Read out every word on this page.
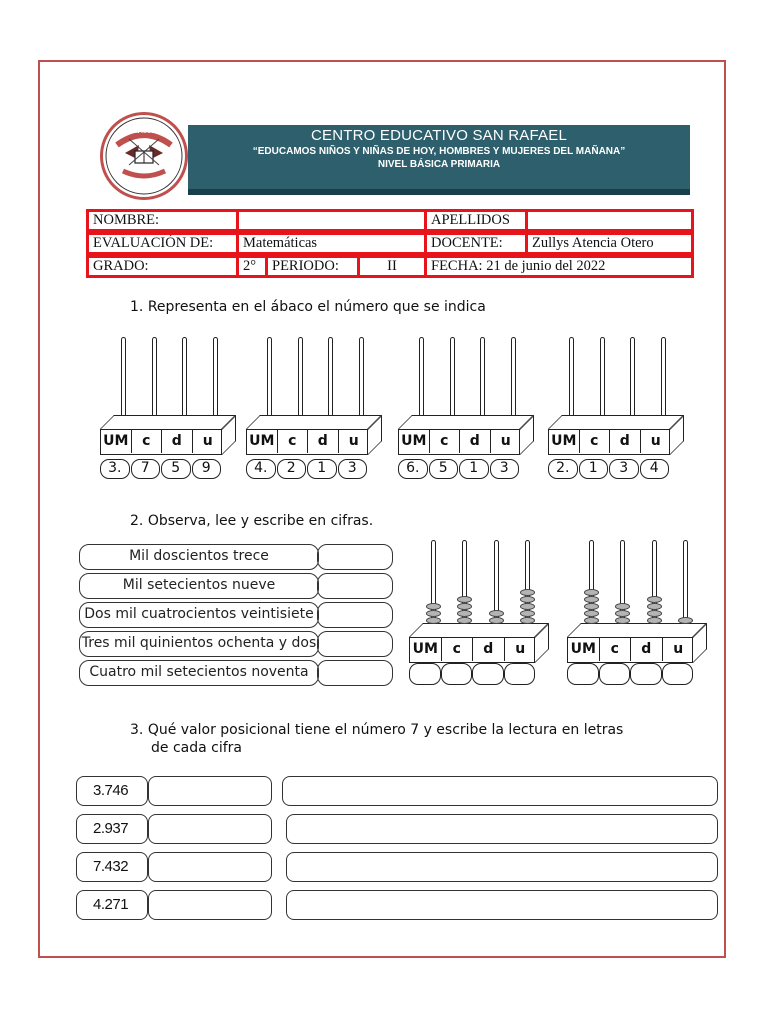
SAN RAFAEL	CENTRO EDUCATIVO SAN RAFAEL
“EDUCAMOS NIÑOS Y NIÑAS DE HOY, HOMBRES Y MUJERES DEL MAÑANA”
NIVEL BÁSICA PRIMARIA
NOMBRE:	APELLIDOS
EVALUACIÓN DE:	Matemáticas	DOCENTE:	Zullys Atencia Otero
GRADO:	2°	PERIODO:	II	FECHA: 21 de junio del 2022
1. Representa en el ábaco el número que se indica
UM c	d	u
3.	7	5	9
UM c	d	u
4.	2	1	3
UM c	d	u
6.	5	1	3
UM c	d	u
2.	1	3	4
2. Observa, lee y escribe en cifras.
Mil doscientos trece
Mil setecientos nueve
Dos mil cuatrocientos veintisiete
Tres mil quinientos ochenta y dos
Cuatro mil setecientos noventa
UM	c	d	u	UM	c	d	u
3. Qué valor posicional tiene el número 7 y escribe la lectura en letras
de cada cifra
3.746
2.937
7.432
4.271
